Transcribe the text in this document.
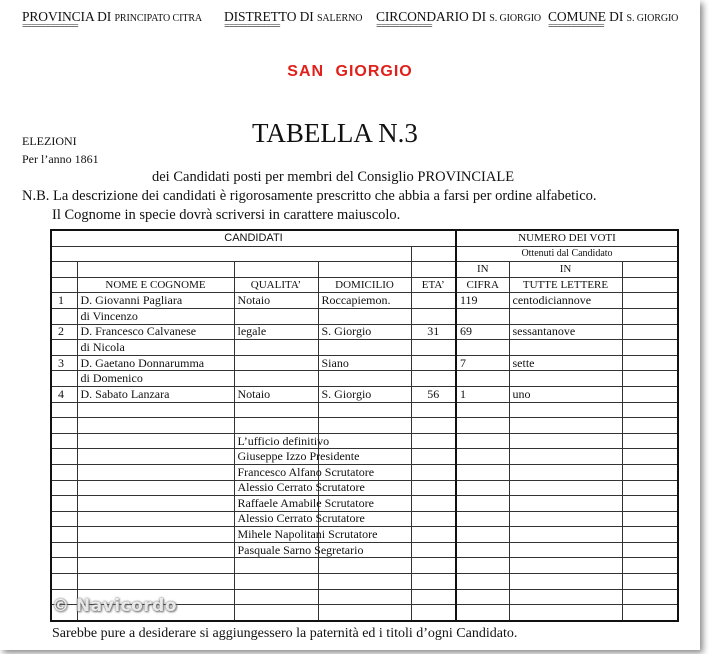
PROVINCIA DI PRINCIPATO CITRA DISTRETTO DI SALERNO CIRCONDARIO DI S. GIORGIO COMUNE DI S. GIORGIO
============	============	============	============
SAN GIORGIO
ELEZIONI
Per l’anno 1861
TABELLA N.3
dei Candidati posti per membri del Consiglio PROVINCIALE
N.B. La descrizione dei candidati è rigorosamente prescritto che abbia a farsi per ordine alfabetico.
Il Cognome in specie dovrà scriversi in carattere maiuscolo.
CANDIDATI					NUMERO DEI VOTI		
					Ottenuti dal Candidato		
					IN	IN	
	NOME E COGNOME	QUALITA’	DOMICILIO	ETA’	CIFRA	TUTTE LETTERE	
1	D. Giovanni Pagliara	Notaio	Roccapiemon.		119	centodiciannove	
	di Vincenzo						
2	D. Francesco Calvanese	legale	S. Giorgio	31	69	sessantanove	
	di Nicola						
3	D. Gaetano Donnarumma		Siano		7	sette	
	di Domenico						
4	D. Sabato Lanzara	Notaio	S. Giorgio	56	1	uno	

		L’ufficio definitivo					
		Giuseppe Izzo Presidente					
		Francesco Alfano Scrutatore					
		Alessio Cerrato Scrutatore					
		Raffaele Amabile Scrutatore					
		Alessio Cerrato Scrutatore					
		Mihele Napolitani Scrutatore					
		Pasquale Sarno Segretario					

© Navicordo
Sarebbe pure a desiderare si aggiungessero la paternità ed i titoli d’ogni Candidato.
